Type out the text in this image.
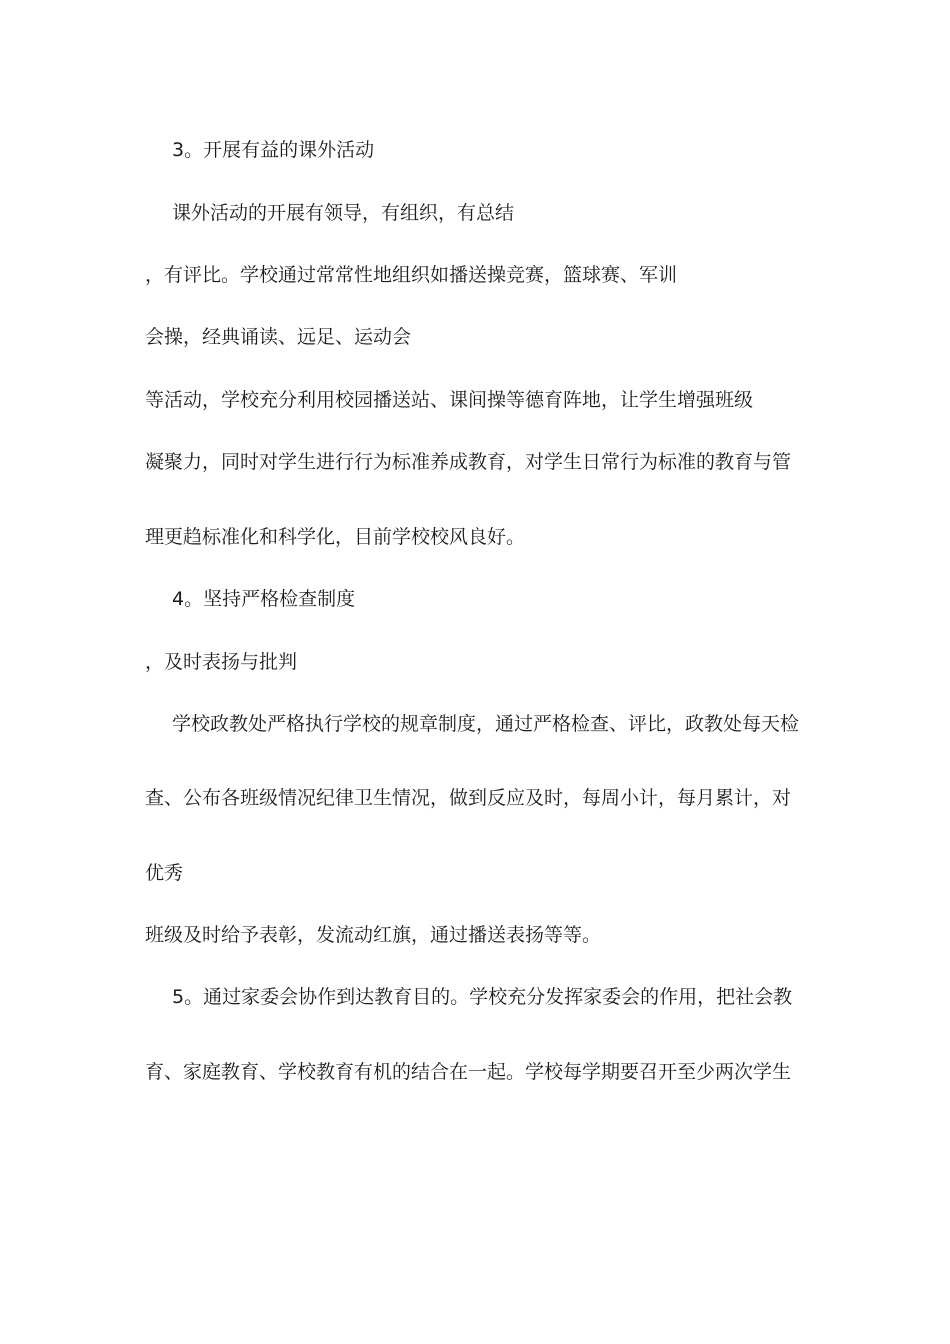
3。开展有益的课外活动

课外活动的开展有领导，有组织，有总结

，有评比。学校通过常常性地组织如播送操竞赛，篮球赛、军训

会操，经典诵读、远足、运动会

等活动，学校充分利用校园播送站、课间操等德育阵地，让学生增强班级

凝聚力，同时对学生进行行为标准养成教育，对学生日常行为标准的教育与管

理更趋标准化和科学化，目前学校校风良好。

4。坚持严格检查制度

，及时表扬与批判

学校政教处严格执行学校的规章制度，通过严格检查、评比，政教处每天检

查、公布各班级情况纪律卫生情况，做到反应及时，每周小计，每月累计，对

优秀

班级及时给予表彰，发流动红旗，通过播送表扬等等。

5。通过家委会协作到达教育目的。学校充分发挥家委会的作用，把社会教

育、家庭教育、学校教育有机的结合在一起。学校每学期要召开至少两次学生
